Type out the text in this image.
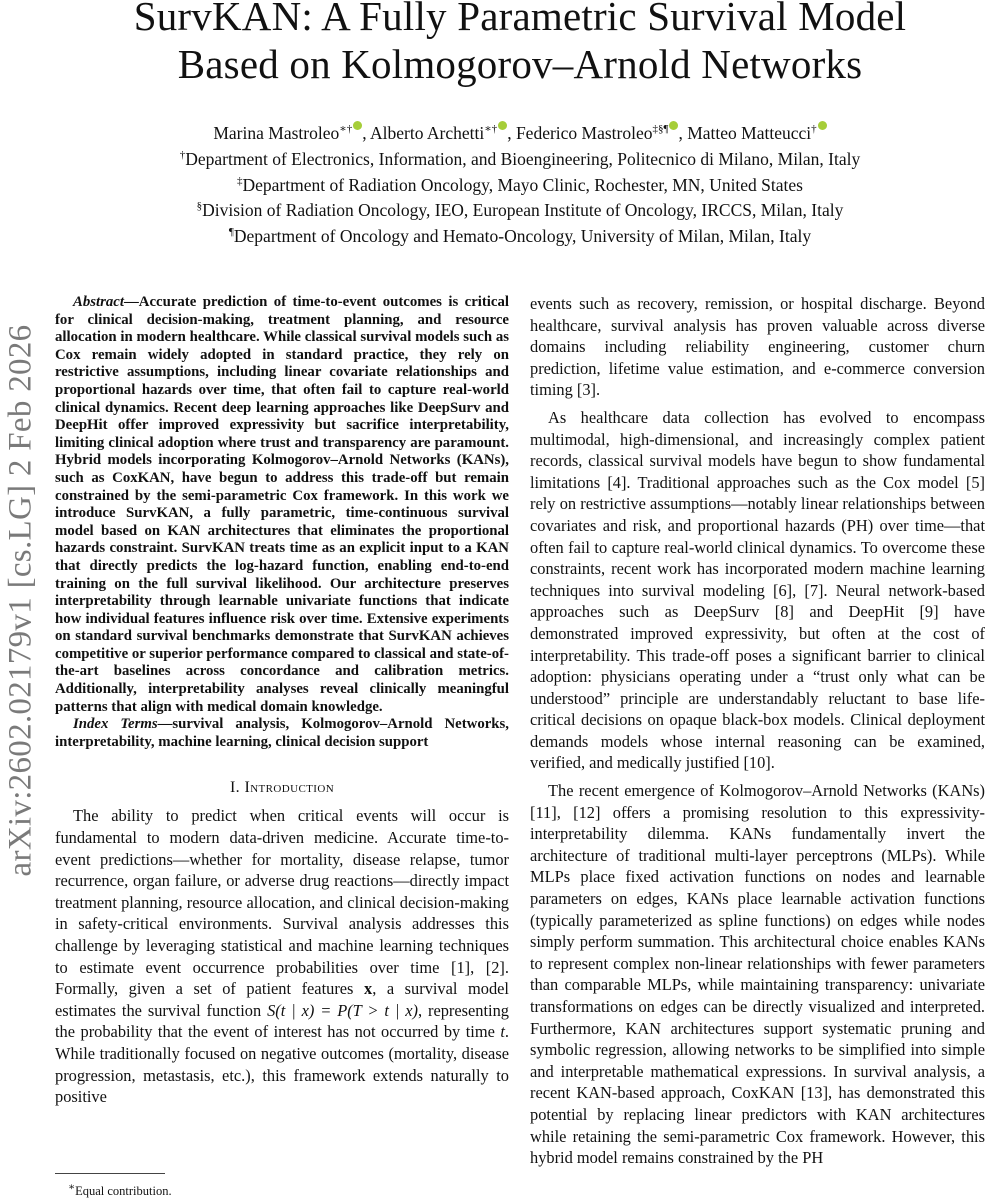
SurvKAN: A Fully Parametric Survival Model
Based on Kolmogorov–Arnold Networks
Marina Mastroleo∗† , Alberto Archetti∗† , Federico Mastroleo‡§¶ , Matteo Matteucci†
†Department of Electronics, Information, and Bioengineering, Politecnico di Milano, Milan, Italy
‡Department of Radiation Oncology, Mayo Clinic, Rochester, MN, United States
§Division of Radiation Oncology, IEO, European Institute of Oncology, IRCCS, Milan, Italy
¶Department of Oncology and Hemato-Oncology, University of Milan, Milan, Italy
arXiv:2602.02179v1 [cs.LG] 2 Feb 2026

Abstract—Accurate prediction of time-to-event outcomes is critical for clinical decision-making, treatment planning, and resource allocation in modern healthcare. While classical survival models such as Cox remain widely adopted in standard practice, they rely on restrictive assumptions, including linear covariate relationships and proportional hazards over time, that often fail to capture real-world clinical dynamics. Recent deep learning approaches like DeepSurv and DeepHit offer improved expressivity but sacrifice interpretability, limiting clinical adoption where trust and transparency are paramount. Hybrid models incorporating Kolmogorov–Arnold Networks (KANs), such as CoxKAN, have begun to address this trade-off but remain constrained by the semi-parametric Cox framework. In this work we introduce SurvKAN, a fully parametric, time-continuous survival model based on KAN architectures that eliminates the proportional hazards constraint. SurvKAN treats time as an explicit input to a KAN that directly predicts the log-hazard function, enabling end-to-end training on the full survival likelihood. Our architecture preserves interpretability through learnable univariate functions that indicate how individual features influence risk over time. Extensive experiments on standard survival benchmarks demonstrate that SurvKAN achieves competitive or superior performance compared to classical and state-of-the-art baselines across concordance and calibration metrics. Additionally, interpretability analyses reveal clinically meaningful patterns that align with medical domain knowledge.

Index Terms—survival analysis, Kolmogorov–Arnold Networks, interpretability, machine learning, clinical decision support

I. Introduction

The ability to predict when critical events will occur is fundamental to modern data-driven medicine. Accurate time-to-event predictions—whether for mortality, disease relapse, tumor recurrence, organ failure, or adverse drug reactions—directly impact treatment planning, resource allocation, and clinical decision-making in safety-critical environments. Survival analysis addresses this challenge by leveraging statistical and machine learning techniques to estimate event occurrence probabilities over time [1], [2]. Formally, given a set of patient features x, a survival model estimates the survival function S(t | x) = P(T > t | x), representing the probability that the event of interest has not occurred by time t. While traditionally focused on negative outcomes (mortality, disease progression, metastasis, etc.), this framework extends naturally to positive

events such as recovery, remission, or hospital discharge. Beyond healthcare, survival analysis has proven valuable across diverse domains including reliability engineering, customer churn prediction, lifetime value estimation, and e-commerce conversion timing [3].

As healthcare data collection has evolved to encompass multimodal, high-dimensional, and increasingly complex patient records, classical survival models have begun to show fundamental limitations [4]. Traditional approaches such as the Cox model [5] rely on restrictive assumptions—notably linear relationships between covariates and risk, and proportional hazards (PH) over time—that often fail to capture real-world clinical dynamics. To overcome these constraints, recent work has incorporated modern machine learning techniques into survival modeling [6], [7]. Neural network-based approaches such as DeepSurv [8] and DeepHit [9] have demonstrated improved expressivity, but often at the cost of interpretability. This trade-off poses a significant barrier to clinical adoption: physicians operating under a “trust only what can be understood” principle are understandably reluctant to base life-critical decisions on opaque black-box models. Clinical deployment demands models whose internal reasoning can be examined, verified, and medically justified [10].

The recent emergence of Kolmogorov–Arnold Networks (KANs) [11], [12] offers a promising resolution to this expressivity-interpretability dilemma. KANs fundamentally invert the architecture of traditional multi-layer perceptrons (MLPs). While MLPs place fixed activation functions on nodes and learnable parameters on edges, KANs place learnable activation functions (typically parameterized as spline functions) on edges while nodes simply perform summation. This architectural choice enables KANs to represent complex non-linear relationships with fewer parameters than comparable MLPs, while maintaining transparency: univariate transformations on edges can be directly visualized and interpreted. Furthermore, KAN architectures support systematic pruning and symbolic regression, allowing networks to be simplified into simple and interpretable mathematical expressions. In survival analysis, a recent KAN-based approach, CoxKAN [13], has demonstrated this potential by replacing linear predictors with KAN architectures while retaining the semi-parametric Cox framework. However, this hybrid model remains constrained by the PH

∗Equal contribution.
